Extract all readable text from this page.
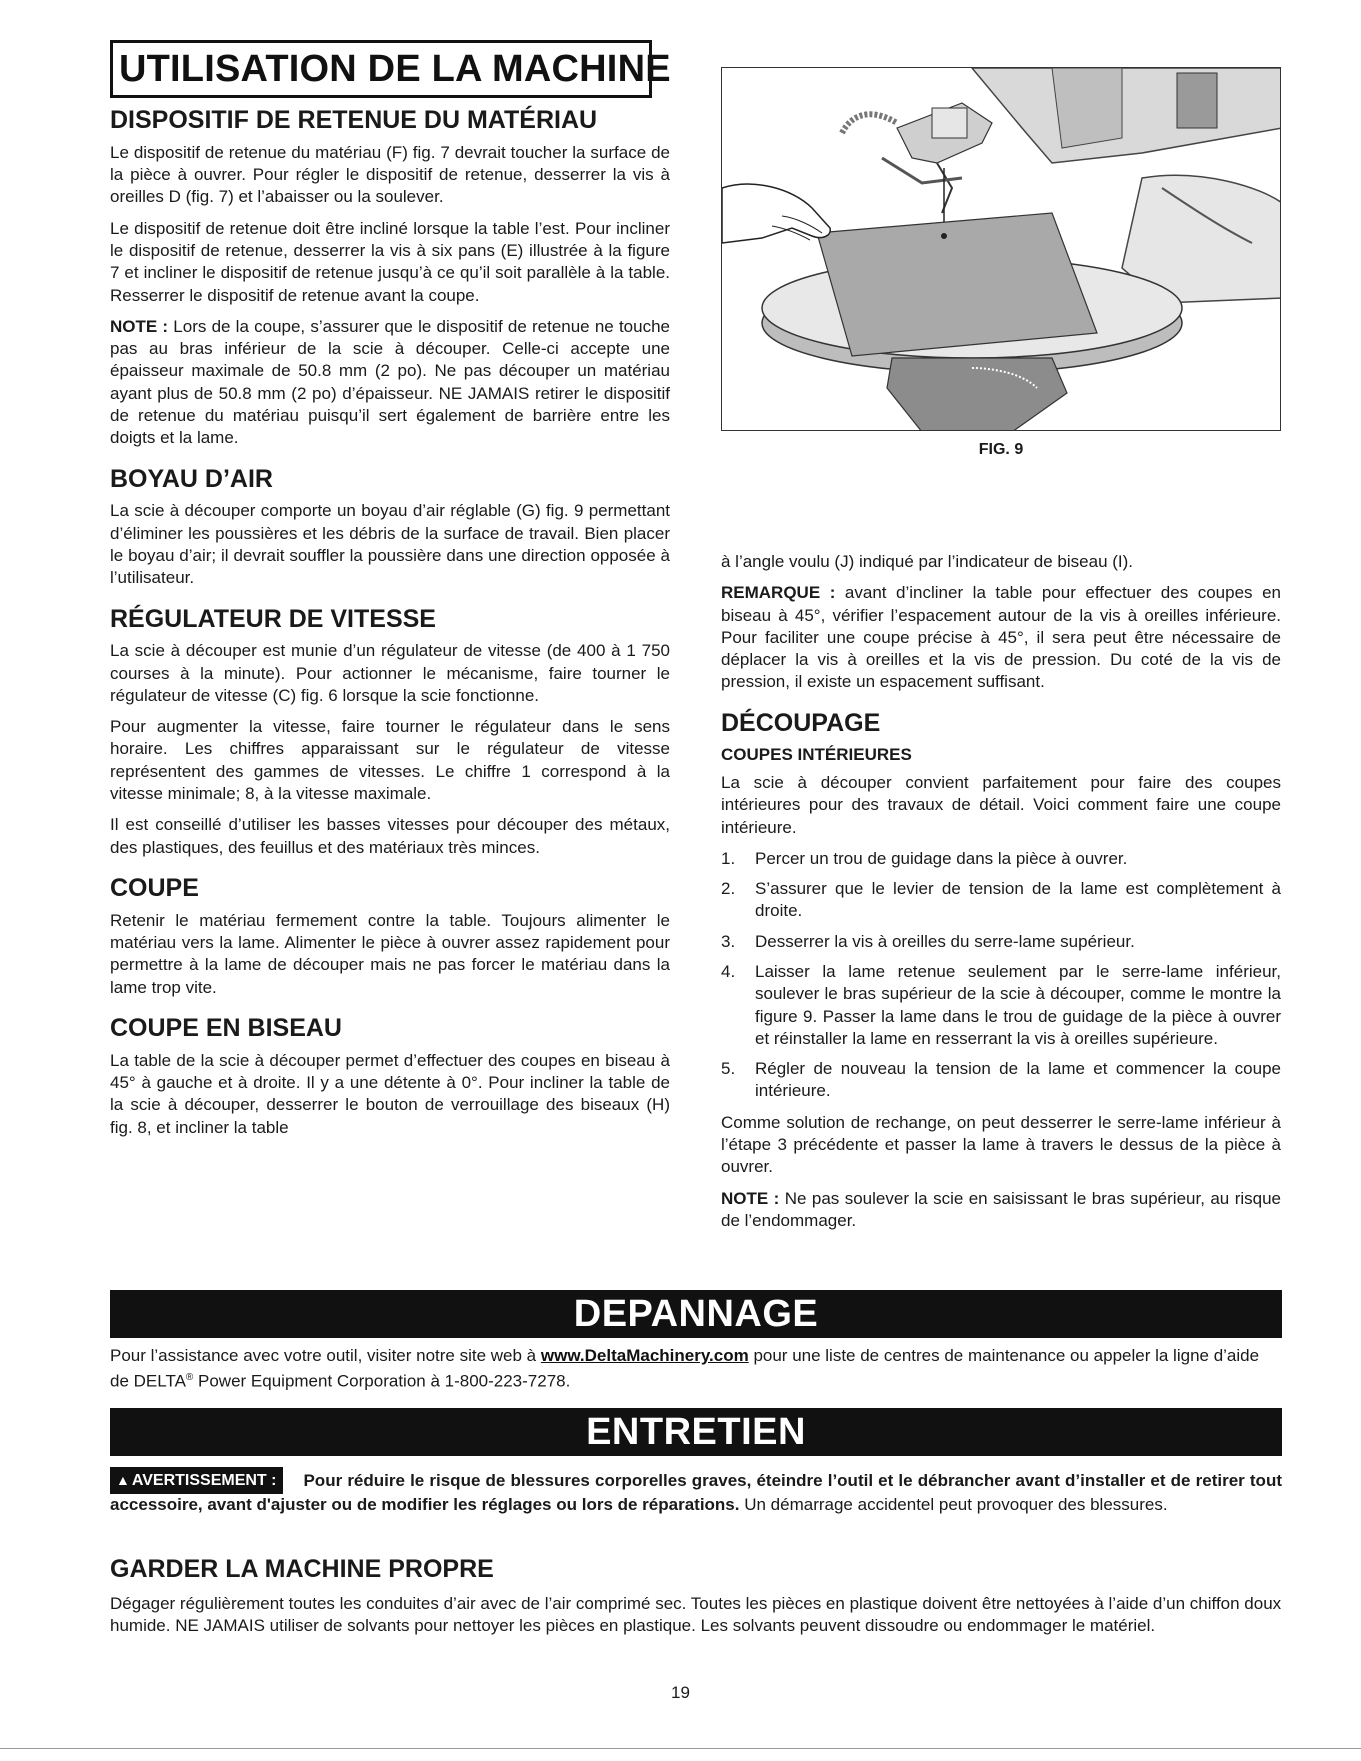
UTILISATION DE LA MACHINE
DISPOSITIF DE RETENUE DU MATÉRIAU

Le dispositif de retenue du matériau (F) fig. 7 devrait toucher la surface de la pièce à ouvrer. Pour régler le dispositif de retenue, desserrer la vis à oreilles D (fig. 7) et l’abaisser ou la soulever.

Le dispositif de retenue doit être incliné lorsque la table l’est. Pour incliner le dispositif de retenue, desserrer la vis à six pans (E) illustrée à la figure 7 et incliner le dispositif de retenue jusqu’à ce qu’il soit parallèle à la table. Resserrer le dispositif de retenue avant la coupe.

NOTE : Lors de la coupe, s’assurer que le dispositif de retenue ne touche pas au bras inférieur de la scie à découper. Celle-ci accepte une épaisseur maximale de 50.8 mm (2 po). Ne pas découper un matériau ayant plus de 50.8 mm (2 po) d’épaisseur. NE JAMAIS retirer le dispositif de retenue du matériau puisqu’il sert également de barrière entre les doigts et la lame.

BOYAU D’AIR

La scie à découper comporte un boyau d’air réglable (G) fig. 9 permettant d’éliminer les poussières et les débris de la surface de travail. Bien placer le boyau d’air; il devrait souffler la poussière dans une direction opposée à l’utilisateur.

RÉGULATEUR DE VITESSE

La scie à découper est munie d’un régulateur de vitesse (de 400 à 1 750 courses à la minute). Pour actionner le mécanisme, faire tourner le régulateur de vitesse (C) fig. 6 lorsque la scie fonctionne.

Pour augmenter la vitesse, faire tourner le régulateur dans le sens horaire. Les chiffres apparaissant sur le régulateur de vitesse représentent des gammes de vitesses. Le chiffre 1 correspond à la vitesse minimale; 8, à la vitesse maximale.

Il est conseillé d’utiliser les basses vitesses pour découper des métaux, des plastiques, des feuillus et des matériaux très minces.

COUPE

Retenir le matériau fermement contre la table. Toujours alimenter le matériau vers la lame. Alimenter le pièce à ouvrer assez rapidement pour permettre à la lame de découper mais ne pas forcer le matériau dans la lame trop vite.

COUPE EN BISEAU

La table de la scie à découper permet d’effectuer des coupes en biseau à 45° à gauche et à droite. Il y a une détente à 0°. Pour incliner la table de la scie à découper, desserrer le bouton de verrouillage des biseaux (H) fig. 8, et incliner la table

FIG. 9

à l’angle voulu (J) indiqué par l’indicateur de biseau (I).

REMARQUE : avant d’incliner la table pour effectuer des coupes en biseau à 45°, vérifier l’espacement autour de la vis à oreilles inférieure. Pour faciliter une coupe précise à 45°, il sera peut être nécessaire de déplacer la vis à oreilles et la vis de pression. Du coté de la vis de pression, il existe un espacement suffisant.

DÉCOUPAGE
COUPES INTÉRIEURES

La scie à découper convient parfaitement pour faire des coupes intérieures pour des travaux de détail. Voici comment faire une coupe intérieure.

1. Percer un trou de guidage dans la pièce à ouvrer.
2. S’assurer que le levier de tension de la lame est complètement à droite.
3. Desserrer la vis à oreilles du serre-lame supérieur.
4. Laisser la lame retenue seulement par le serre-lame inférieur, soulever le bras supérieur de la scie à découper, comme le montre la figure 9. Passer la lame dans le trou de guidage de la pièce à ouvrer et réinstaller la lame en resserrant la vis à oreilles supérieure.
5. Régler de nouveau la tension de la lame et commencer la coupe intérieure.

Comme solution de rechange, on peut desserrer le serre-lame inférieur à l’étape 3 précédente et passer la lame à travers le dessus de la pièce à ouvrer.

NOTE : Ne pas soulever la scie en saisissant le bras supérieur, au risque de l’endommager.

DEPANNAGE

Pour l’assistance avec votre outil, visiter notre site web à www.DeltaMachinery.com pour une liste de centres de maintenance ou appeler la ligne d’aide de DELTA® Power Equipment Corporation à 1-800-223-7278.

ENTRETIEN

▲ AVERTISSEMENT : Pour réduire le risque de blessures corporelles graves, éteindre l’outil et le débrancher avant d’installer et de retirer tout accessoire, avant d'ajuster ou de modifier les réglages ou lors de réparations. Un démarrage accidentel peut provoquer des blessures.

GARDER LA MACHINE PROPRE

Dégager régulièrement toutes les conduites d’air avec de l’air comprimé sec. Toutes les pièces en plastique doivent être nettoyées à l’aide d’un chiffon doux humide. NE JAMAIS utiliser de solvants pour nettoyer les pièces en plastique. Les solvants peuvent dissoudre ou endommager le matériel.

19
